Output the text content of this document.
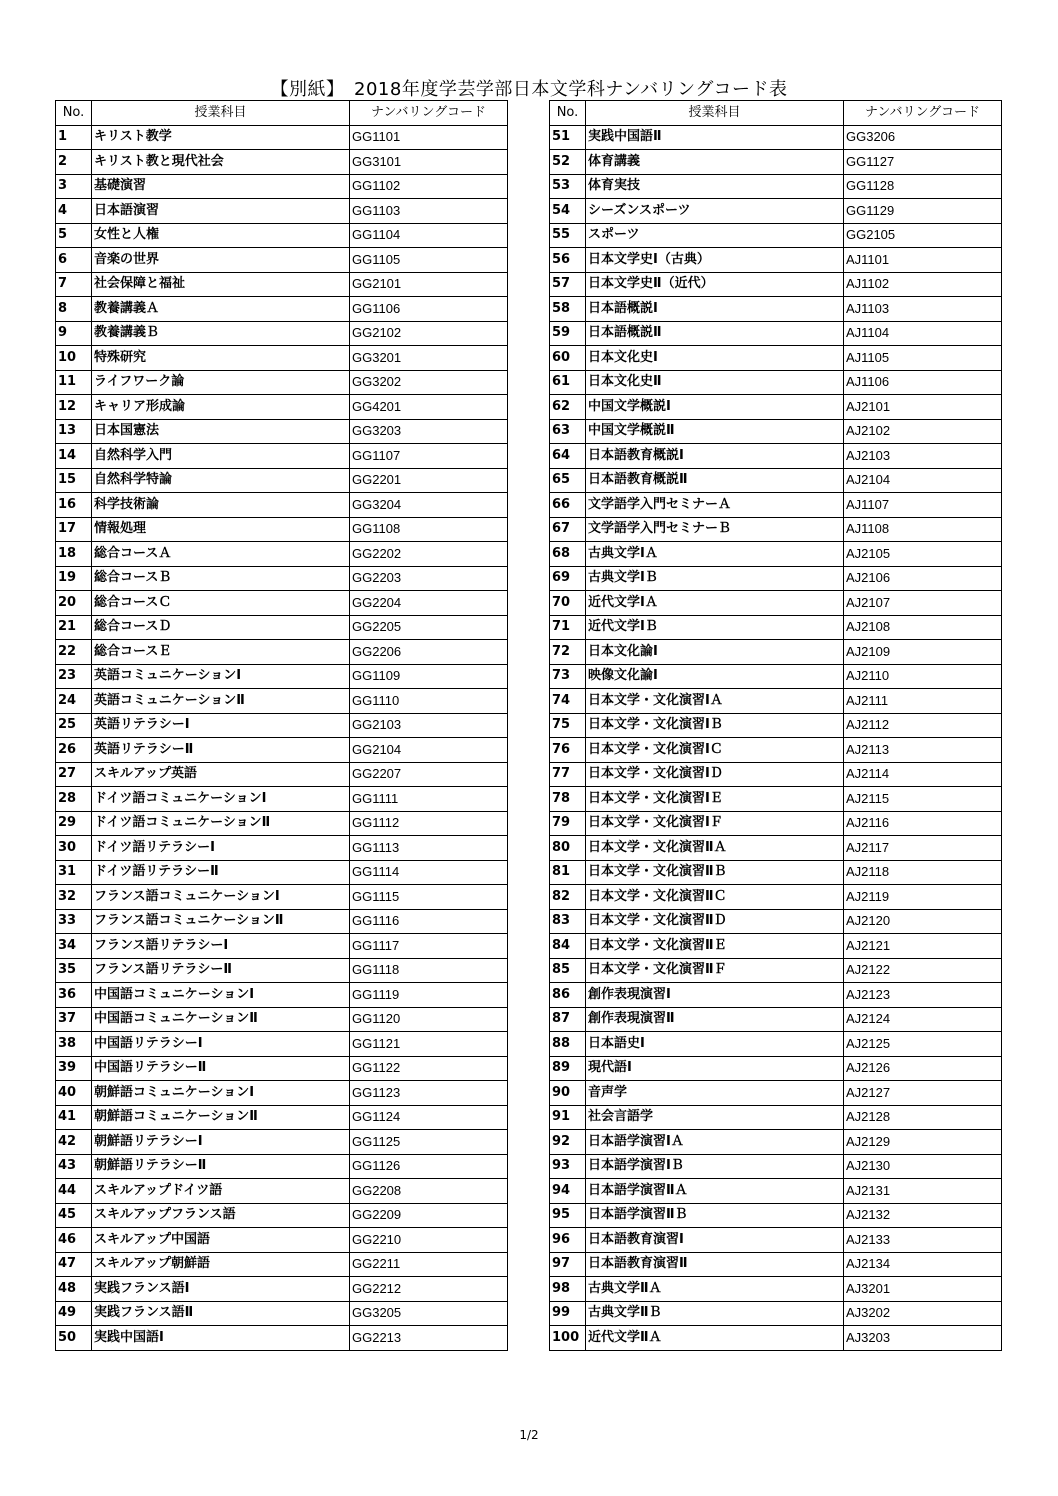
【別紙】　2018年度学芸学部日本文学科ナンバリングコード表
No.	授業科目	ナンバリングコード
1	キリスト教学	GG1101
2	キリスト教と現代社会	GG3101
3	基礎演習	GG1102
4	日本語演習	GG1103
5	女性と人権	GG1104
6	音楽の世界	GG1105
7	社会保障と福祉	GG2101
8	教養講義Ａ	GG1106
9	教養講義Ｂ	GG2102
10	特殊研究	GG3201
11	ライフワーク論	GG3202
12	キャリア形成論	GG4201
13	日本国憲法	GG3203
14	自然科学入門	GG1107
15	自然科学特論	GG2201
16	科学技術論	GG3204
17	情報処理	GG1108
18	総合コースＡ	GG2202
19	総合コースＢ	GG2203
20	総合コースＣ	GG2204
21	総合コースＤ	GG2205
22	総合コースＥ	GG2206
23	英語コミュニケーションⅠ	GG1109
24	英語コミュニケーションⅡ	GG1110
25	英語リテラシーⅠ	GG2103
26	英語リテラシーⅡ	GG2104
27	スキルアップ英語	GG2207
28	ドイツ語コミュニケーションⅠ	GG1111
29	ドイツ語コミュニケーションⅡ	GG1112
30	ドイツ語リテラシーⅠ	GG1113
31	ドイツ語リテラシーⅡ	GG1114
32	フランス語コミュニケーションⅠ	GG1115
33	フランス語コミュニケーションⅡ	GG1116
34	フランス語リテラシーⅠ	GG1117
35	フランス語リテラシーⅡ	GG1118
36	中国語コミュニケーションⅠ	GG1119
37	中国語コミュニケーションⅡ	GG1120
38	中国語リテラシーⅠ	GG1121
39	中国語リテラシーⅡ	GG1122
40	朝鮮語コミュニケーションⅠ	GG1123
41	朝鮮語コミュニケーションⅡ	GG1124
42	朝鮮語リテラシーⅠ	GG1125
43	朝鮮語リテラシーⅡ	GG1126
44	スキルアップドイツ語	GG2208
45	スキルアップフランス語	GG2209
46	スキルアップ中国語	GG2210
47	スキルアップ朝鮮語	GG2211
48	実践フランス語Ⅰ	GG2212
49	実践フランス語Ⅱ	GG3205
50	実践中国語Ⅰ	GG2213
No.	授業科目	ナンバリングコード
51	実践中国語Ⅱ	GG3206
52	体育講義	GG1127
53	体育実技	GG1128
54	シーズンスポーツ	GG1129
55	スポーツ	GG2105
56	日本文学史Ⅰ（古典）	AJ1101
57	日本文学史Ⅱ（近代）	AJ1102
58	日本語概説Ⅰ	AJ1103
59	日本語概説Ⅱ	AJ1104
60	日本文化史Ⅰ	AJ1105
61	日本文化史Ⅱ	AJ1106
62	中国文学概説Ⅰ	AJ2101
63	中国文学概説Ⅱ	AJ2102
64	日本語教育概説Ⅰ	AJ2103
65	日本語教育概説Ⅱ	AJ2104
66	文学語学入門セミナーＡ	AJ1107
67	文学語学入門セミナーＢ	AJ1108
68	古典文学ⅠＡ	AJ2105
69	古典文学ⅠＢ	AJ2106
70	近代文学ⅠＡ	AJ2107
71	近代文学ⅠＢ	AJ2108
72	日本文化論Ⅰ	AJ2109
73	映像文化論Ⅰ	AJ2110
74	日本文学・文化演習ⅠＡ	AJ2111
75	日本文学・文化演習ⅠＢ	AJ2112
76	日本文学・文化演習ⅠＣ	AJ2113
77	日本文学・文化演習ⅠＤ	AJ2114
78	日本文学・文化演習ⅠＥ	AJ2115
79	日本文学・文化演習ⅠＦ	AJ2116
80	日本文学・文化演習ⅡＡ	AJ2117
81	日本文学・文化演習ⅡＢ	AJ2118
82	日本文学・文化演習ⅡＣ	AJ2119
83	日本文学・文化演習ⅡＤ	AJ2120
84	日本文学・文化演習ⅡＥ	AJ2121
85	日本文学・文化演習ⅡＦ	AJ2122
86	創作表現演習Ⅰ	AJ2123
87	創作表現演習Ⅱ	AJ2124
88	日本語史Ⅰ	AJ2125
89	現代語Ⅰ	AJ2126
90	音声学	AJ2127
91	社会言語学	AJ2128
92	日本語学演習ⅠＡ	AJ2129
93	日本語学演習ⅠＢ	AJ2130
94	日本語学演習ⅡＡ	AJ2131
95	日本語学演習ⅡＢ	AJ2132
96	日本語教育演習Ⅰ	AJ2133
97	日本語教育演習Ⅱ	AJ2134
98	古典文学ⅡＡ	AJ3201
99	古典文学ⅡＢ	AJ3202
100	近代文学ⅡＡ	AJ3203
1/2
